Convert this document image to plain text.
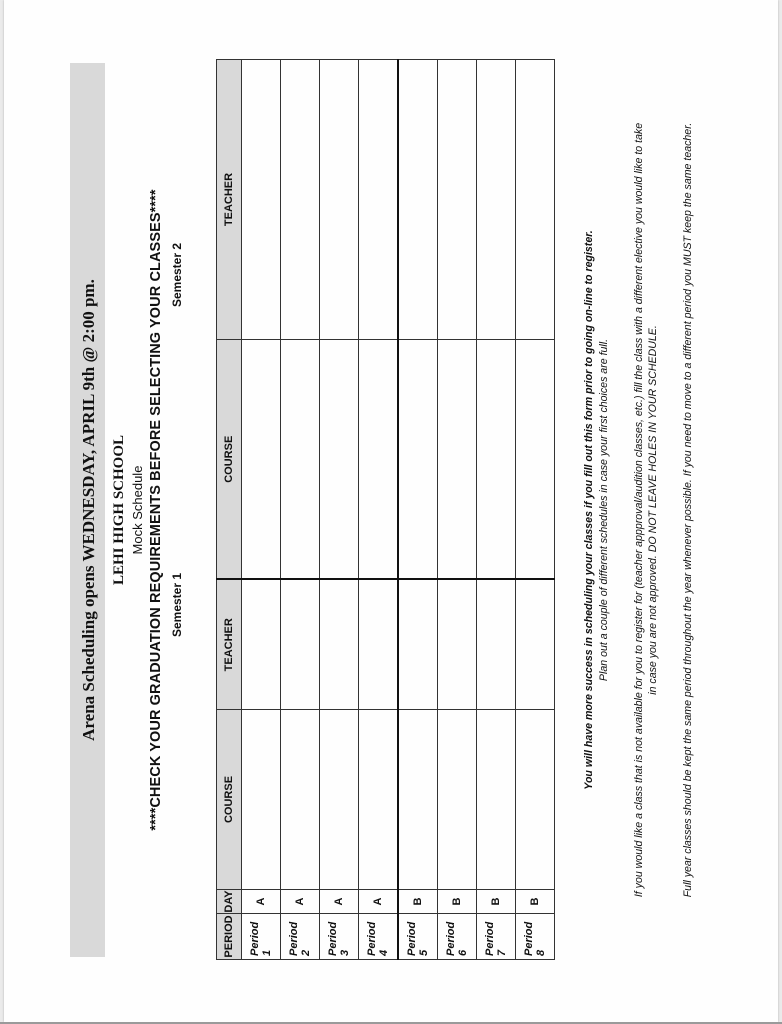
Arena Scheduling opens WEDNESDAY, APRIL 9th @ 2:00 pm. LEHI HIGH SCHOOL Mock Schedule ****CHECK YOUR GRADUATION REQUIREMENTS BEFORE SELECTING YOUR CLASSES**** Semester 1
Semester 2
PERIOD	DAY	COURSE	TEACHER	COURSE	TEACHER
Period 1	A				
Period 2	A				
Period 3	A				
Period 4	A				
Period 5	B				
Period 6	B				
Period 7	B				
Period 8	B				
You will have more success in scheduling your classes if you fill out this form prior to going on-line to register. Plan out a couple of different schedules in case your first choices are full. If you would like a class that is not available for you to register for (teacher appproval/audition classes, etc.) fill the class with a different elective you would like to take in case you are not approved. DO NOT LEAVE HOLES IN YOUR SCHEDULE. Full year classes should be kept the same period throughout the year whenever possible. If you need to move to a different period you MUST keep the same teacher.
